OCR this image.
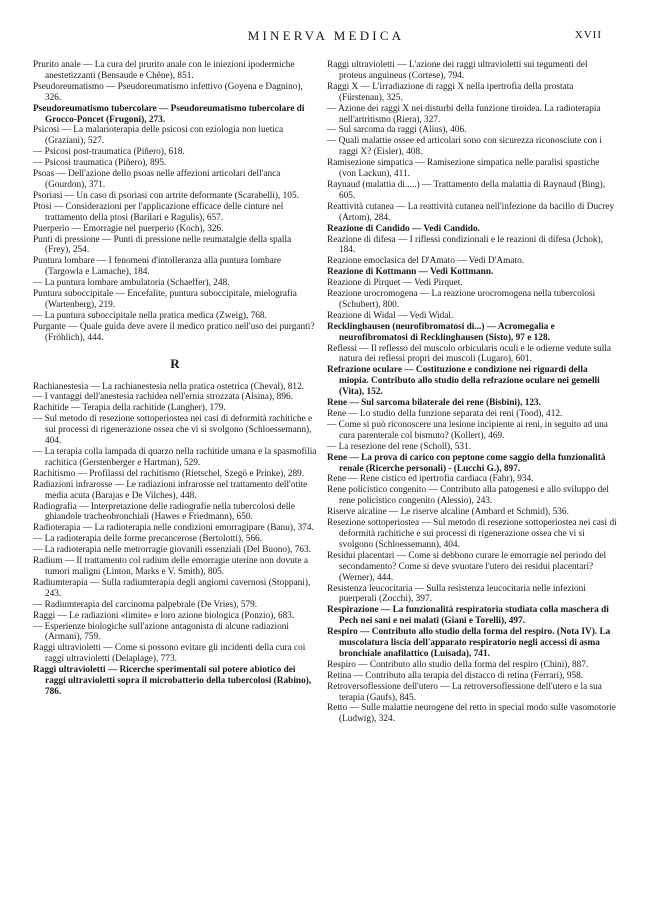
MINERVA MEDICA	XVII

Prurito anale — La cura del prurito anale con le iniezioni ipodermiche anestetizzanti (Bensaude e Chêne), 851.

Pseudoreumatismo — Pseudoreumatismo infettivo (Goyena e Dagnino), 326.

Pseudoreumatismo tubercolare — Pseudoreumatismo tubercolare di Grocco-Poncet (Frugoni), 273.

Psicosi — La malarioterapia delle psicosi con eziologia non luetica (Graziani), 527.

— Psicosi post-traumatica (Piñero), 618.

— Psicosi traumatica (Piñero), 895.

Psoas — Dell'azione dello psoas nelle affezioni articolari dell'anca (Gourdon), 371.

Psoriasi — Un caso di psoriasi con artrite deformante (Scarabelli), 105.

Ptosi — Considerazioni per l'applicazione efficace delle cinture nel trattamento della ptosi (Barilari e Ragulis), 657.

Puerperio — Emorragie nel puerperio (Koch), 326.

Punti di pressione — Punti di pressione nelle reumatalgie della spalla (Frey), 254.

Puntura lombare — I fenomeni d'intolleranza alla puntura lombare (Targowla e Lamache), 184.

— La puntura lombare ambulatoria (Schaeffer), 248.

Puntura suboccipitale — Encefalite, puntura suboccipitale, mielografia (Wartenberg), 219.

— La puntura suboccipitale nella pratica medica (Zweig), 768.

Purgante — Quale guida deve avere il medico pratico nell'uso dei purganti? (Fröhlich), 444.

R

Rachianestesia — La rachianestesia nella pratica ostetrica (Cheval), 812.

— I vantaggi dell'anestesia rachidea nell'ernia strozzata (Alsina), 896.

Rachitide — Terapia della rachitide (Langher), 179.

— Sul metodo di resezione sottoperiostea nei casi di deformità rachitiche e sui processi di rigenerazione ossea che vi si svolgono (Schloessemann), 404.

— La terapia colla lampada di quarzo nella rachitide umana e la spasmofilia rachitica (Gerstenberger e Hartman), 529.

Rachitismo — Profilassi del rachitismo (Rietschel, Szegö e Prinke), 289.

Radiazioni infrarosse — Le radiazioni infrarosse nel trattamento dell'otite media acuta (Barajas e De Vilches), 448.

Radiografia — Interpretazione delle radiografie nella tubercolosi delle ghiandole tracheobronchiali (Hawes e Friedmann), 650.

Radioterapia — La radioterapia nelle condizioni emorragipare (Banu), 374.

— La radioterapia delle forme precancerose (Bertolotti), 566.

— La radioterapia nelle metrorragie giovanili essenziali (Del Buono), 763.

Radium — Il trattamento col radium delle emorragie uterine non dovute a tumori maligni (Linton, Marks e V. Smith), 805.

Radiumterapia — Sulla radiumterapia degli angiomi cavernosi (Stoppani), 243.

— Radiumterapia del carcinoma palpebrale (De Vries), 579.

Raggi — Le radiazioni «limite» e loro azione biologica (Ponzio), 683.

— Esperienze biologiche sull'azione antagonista di alcune radiazioni (Armani), 759.

Raggi ultravioletti — Come si possono evitare gli incidenti della cura coi raggi ultravioletti (Delaplage), 773.

Raggi ultravioletti — Ricerche sperimentali sul potere abiotico dei raggi ultravioletti sopra il microbatterio della tubercolosi (Rabino), 786.

Raggi ultravioletti — L'azione dei raggi ultravioletti sui tegumenti del proteus anguineus (Cortese), 794.

Raggi X — L'irradiazione di raggi X nella ipertrofia della prostata (Fürstenau), 325.

— Azione dei raggi X nei disturbi della funzione tiroidea. La radioterapia nell'artritismo (Riera), 327.

— Sul sarcoma da raggi (Alius), 406.

— Quali malattie ossee ed articolari sono con sicurezza riconosciute con i raggi X? (Eisler), 408.

Ramisezione simpatica — Ramisezione simpatica nelle paralisi spastiche (von Lackun), 411.

Raynaud (malattia di.....) — Trattamento della malattia di Raynaud (Bing), 605.

Reattività cutanea — La reattività cutanea nell'infezione da bacillo di Ducrey (Artom), 284.

Reazione di Candido — Vedi Candido.

Reazione di difesa — I riflessi condizionali e le reazioni di difesa (Jchok), 184.

Reazione emoclasica del D'Amato — Vedi D'Amato.

Reazione di Kottmann — Vedi Kottmann.

Reazione di Pirquet — Vedi Pirquet.

Reazione urocromogena — La reazione urocromogena nella tubercolosi (Schubert), 800.

Reazione di Widal — Vedi Widal.

Recklinghausen (neurofibromatosi di...) — Acromegalia e neurofibromatosi di Recklinghausen (Sisto), 97 e 128.

Reflessi — Il reflesso del muscolo orbicularis oculi e le odierne vedute sulla natura dei reflessi propri dei muscoli (Lugaro), 601.

Refrazione oculare — Costituzione e condizione nei riguardi della miopia. Contributo allo studio della refrazione oculare nei gemelli (Vita), 152.

Rene — Sul sarcoma bilaterale dei rene (Bisbini), 123.

Rene — Lo studio della funzione separata dei reni (Tood), 412.

— Come si può riconoscere una lesione incipiente ai reni, in seguito ad una cura parenterale col bismuto? (Kollert), 469.

— La resezione del rene (Scholl), 531.

Rene — La prova di carico con peptone come saggio della funzionalità renale (Ricerche personali) - (Lucchi G.), 897.

Rene — Rene cistico ed ipertrofia cardiaca (Fahr), 934.

Rene policistico congenito — Contributo alla patogenesi e allo sviluppo del rene policistico congenito (Alessio), 243.

Riserve alcaline — Le riserve alcaline (Ambard et Schmid), 536.

Resezione sottoperiostea — Sul metodo di resezione sottoperiostea nei casi di deformità rachitiche e sui processi di rigenerazione ossea che vi si svolgono (Schloessemann), 404.

Residui placentari — Come si debbono curare le emorragie nel periodo del secondamento? Come si deve svuotare l'utero dei residui placentari? (Werner), 444.

Resistenza leucocitaria — Sulla resistenza leucocitaria nelle infezioni puerperali (Zocchi), 397.

Respirazione — La funzionalità respiratoria studiata colla maschera di Pech nei sani e nei malati (Giani e Torelli), 497.

Respiro — Contributo allo studio della forma del respiro. (Nota IV). La muscolatura liscia dell'apparato respiratorio negli accessi di asma bronchiale anafilattico (Luisada), 741.

Respiro — Contributo allo studio della forma del respiro (Chini), 887.

Retina — Contributo alla terapia del distacco di retina (Ferrari), 958.

Retroversoflessione dell'utero — La retroversoflessione dell'utero e la sua terapia (Gaufs), 845.

Retto — Sulle malattie neurogene del retto in special modo sulle vasomotorie (Ludwig), 324.
